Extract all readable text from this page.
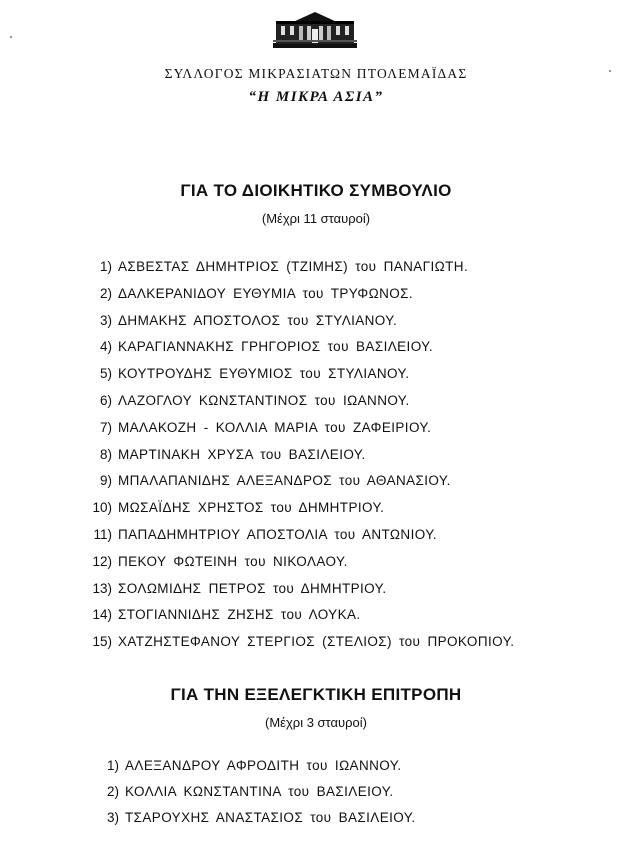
ΣΥΛΛΟΓΟΣ ΜΙΚΡΑΣΙΑΤΩΝ ΠΤΟΛΕΜΑΪΔΑΣ
“Η ΜΙΚΡΑ ΑΣΙΑ”
ΓΙΑ ΤΟ ΔΙΟΙΚΗΤΙΚΟ ΣΥΜΒΟΥΛΙΟ
(Μέχρι 11 σταυροί)
1) ΑΣΒΕΣΤΑΣ ΔΗΜΗΤΡΙΟΣ (ΤΖΙΜΗΣ) του ΠΑΝΑΓΙΩΤΗ.
2) ΔΑΛΚΕΡΑΝΙΔΟΥ ΕΥΘΥΜΙΑ του ΤΡΥΦΩΝΟΣ.
3) ΔΗΜΑΚΗΣ ΑΠΟΣΤΟΛΟΣ του ΣΤΥΛΙΑΝΟΥ.
4) ΚΑΡΑΓΙΑΝΝΑΚΗΣ ΓΡΗΓΟΡΙΟΣ του ΒΑΣΙΛΕΙΟΥ.
5) ΚΟΥΤΡΟΥΔΗΣ ΕΥΘΥΜΙΟΣ του ΣΤΥΛΙΑΝΟΥ.
6) ΛΑΖΟΓΛΟΥ ΚΩΝΣΤΑΝΤΙΝΟΣ του ΙΩΑΝΝΟΥ.
7) ΜΑΛΑΚΟΖΗ - ΚΟΛΛΙΑ ΜΑΡΙΑ του ΖΑΦΕΙΡΙΟΥ.
8) ΜΑΡΤΙΝΑΚΗ ΧΡΥΣΑ του ΒΑΣΙΛΕΙΟΥ.
9) ΜΠΑΛΑΠΑΝΙΔΗΣ ΑΛΕΞΑΝΔΡΟΣ του ΑΘΑΝΑΣΙΟΥ.
10) ΜΩΣΑΪΔΗΣ ΧΡΗΣΤΟΣ του ΔΗΜΗΤΡΙΟΥ.
11) ΠΑΠΑΔΗΜΗΤΡΙΟΥ ΑΠΟΣΤΟΛΙΑ του ΑΝΤΩΝΙΟΥ.
12) ΠΕΚΟΥ ΦΩΤΕΙΝΗ του ΝΙΚΟΛΑΟΥ.
13) ΣΟΛΩΜΙΔΗΣ ΠΕΤΡΟΣ του ΔΗΜΗΤΡΙΟΥ.
14) ΣΤΟΓΙΑΝΝΙΔΗΣ ΖΗΣΗΣ του ΛΟΥΚΑ.
15) ΧΑΤΖΗΣΤΕΦΑΝΟΥ ΣΤΕΡΓΙΟΣ (ΣΤΕΛΙΟΣ) του ΠΡΟΚΟΠΙΟΥ.
ΓΙΑ ΤΗΝ ΕΞΕΛΕΓΚΤΙΚΗ ΕΠΙΤΡΟΠΗ
(Μέχρι 3 σταυροί)
1) ΑΛΕΞΑΝΔΡΟΥ ΑΦΡΟΔΙΤΗ του ΙΩΑΝΝΟΥ.
2) ΚΟΛΛΙΑ ΚΩΝΣΤΑΝΤΙΝΑ του ΒΑΣΙΛΕΙΟΥ.
3) ΤΣΑΡΟΥΧΗΣ ΑΝΑΣΤΑΣΙΟΣ του ΒΑΣΙΛΕΙΟΥ.
